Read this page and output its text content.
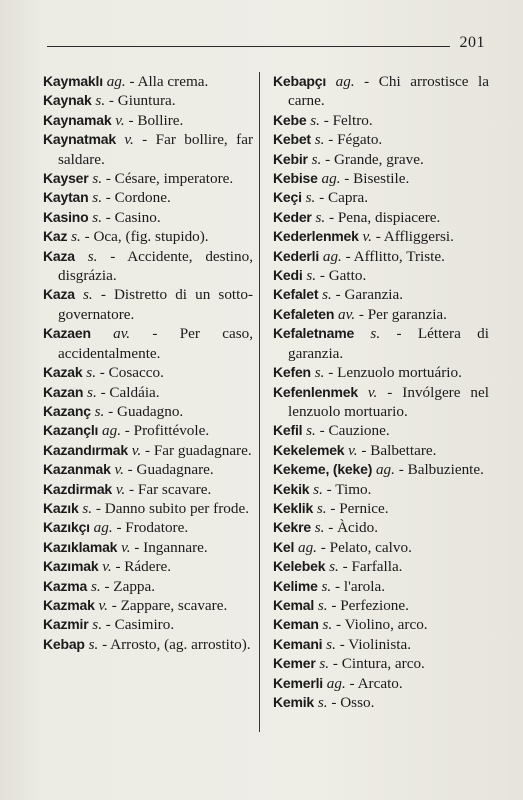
201

Kaymaklı ag. - Alla crema.

Kaynak s. - Giuntura.

Kaynamak v. - Bollire.

Kaynatmak v. - Far bollire, far saldare.

Kayser s. - Césare, imperatore.

Kaytan s. - Cordone.

Kasino s. - Casino.

Kaz s. - Oca, (fig. stupido).

Kaza s. - Accidente, destino, disgrázia.

Kaza s. - Distretto di un sotto-governatore.

Kazaen av. - Per caso, accidentalmente.

Kazak s. - Cosacco.

Kazan s. - Caldáia.

Kazanç s. - Guadagno.

Kazançlı ag. - Profittévole.

Kazandırmak v. - Far guadagnare.

Kazanmak v. - Guadagnare.

Kazdirmak v. - Far scavare.

Kazık s. - Danno subito per frode.

Kazıkçı ag. - Frodatore.

Kazıklamak v. - Ingannare.

Kazımak v. - Rádere.

Kazma s. - Zappa.

Kazmak v. - Zappare, scavare.

Kazmir s. - Casimiro.

Kebap s. - Arrosto, (ag. arrostito).

Kebapçı ag. - Chi arrostisce la carne.

Kebe s. - Feltro.

Kebet s. - Fégato.

Kebir s. - Grande, grave.

Kebise ag. - Bisestile.

Keçi s. - Capra.

Keder s. - Pena, dispiacere.

Kederlenmek v. - Affliggersi.

Kederli ag. - Afflitto, Triste.

Kedi s. - Gatto.

Kefalet s. - Garanzia.

Kefaleten av. - Per garanzia.

Kefaletname s. - Léttera di garanzia.

Kefen s. - Lenzuolo mortuário.

Kefenlenmek v. - Invólgere nel lenzuolo mortuario.

Kefil s. - Cauzione.

Kekelemek v. - Balbettare.

Kekeme, (keke) ag. - Balbuziente.

Kekik s. - Timo.

Keklik s. - Pernice.

Kekre s. - Àcido.

Kel ag. - Pelato, calvo.

Kelebek s. - Farfalla.

Kelime s. - l'arola.

Kemal s. - Perfezione.

Keman s. - Violino, arco.

Kemani s. - Violinista.

Kemer s. - Cintura, arco.

Kemerli ag. - Arcato.

Kemik s. - Osso.
